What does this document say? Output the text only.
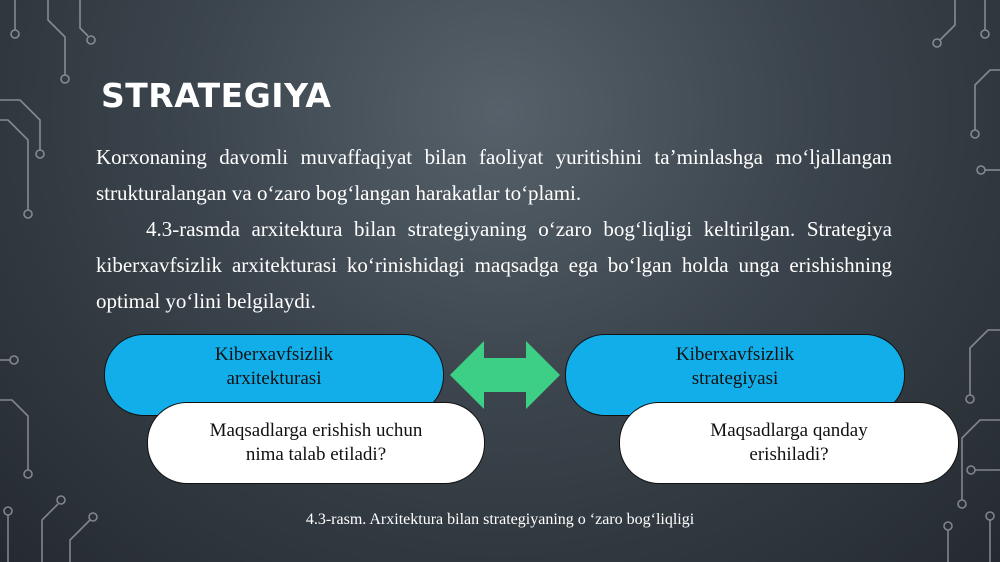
STRATEGIYA

Korxonaning davomli muvaffaqiyat bilan faoliyat yuritishini ta’minlashga mo‘ljallangan strukturalangan va o‘zaro bog‘langan harakatlar to‘plami.

4.3-rasmda arxitektura bilan strategiyaning o‘zaro bog‘liqligi keltirilgan. Strategiya kiberxavfsizlik arxitekturasi ko‘rinishidagi maqsadga ega bo‘lgan holda unga erishishning optimal yo‘lini belgilaydi.

Kiberxavfsizlik
arxitekturasi
Kiberxavfsizlik
strategiyasi
Maqsadlarga erishish uchun
nima talab etiladi?
Maqsadlarga qanday
erishiladi?
4.3-rasm. Arxitektura bilan strategiyaning o ‘zaro bog‘liqligi
